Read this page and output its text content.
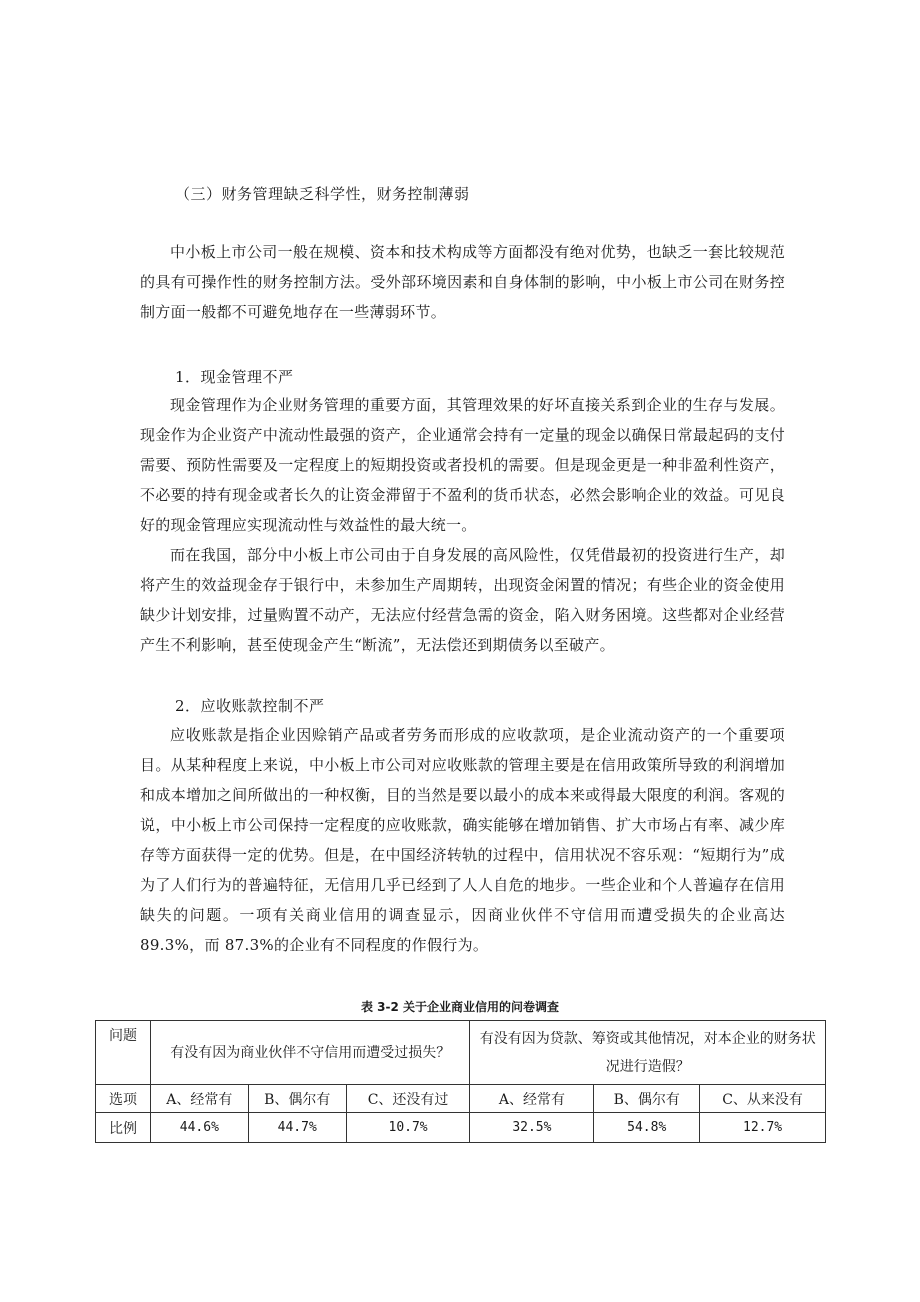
（三）财务管理缺乏科学性，财务控制薄弱

中小板上市公司一般在规模、资本和技术构成等方面都没有绝对优势，也缺乏一套比较规范的具有可操作性的财务控制方法。受外部环境因素和自身体制的影响，中小板上市公司在财务控制方面一般都不可避免地存在一些薄弱环节。

1．现金管理不严

现金管理作为企业财务管理的重要方面，其管理效果的好坏直接关系到企业的生存与发展。现金作为企业资产中流动性最强的资产，企业通常会持有一定量的现金以确保日常最起码的支付需要、预防性需要及一定程度上的短期投资或者投机的需要。但是现金更是一种非盈利性资产，不必要的持有现金或者长久的让资金滞留于不盈利的货币状态，必然会影响企业的效益。可见良好的现金管理应实现流动性与效益性的最大统一。

而在我国，部分中小板上市公司由于自身发展的高风险性，仅凭借最初的投资进行生产，却将产生的效益现金存于银行中，未参加生产周期转，出现资金闲置的情况；有些企业的资金使用缺少计划安排，过量购置不动产，无法应付经营急需的资金，陷入财务困境。这些都对企业经营产生不利影响，甚至使现金产生“断流”，无法偿还到期债务以至破产。

2．应收账款控制不严

应收账款是指企业因赊销产品或者劳务而形成的应收款项，是企业流动资产的一个重要项目。从某种程度上来说，中小板上市公司对应收账款的管理主要是在信用政策所导致的利润增加和成本增加之间所做出的一种权衡，目的当然是要以最小的成本来或得最大限度的利润。客观的说，中小板上市公司保持一定程度的应收账款，确实能够在增加销售、扩大市场占有率、减少库存等方面获得一定的优势。但是，在中国经济转轨的过程中，信用状况不容乐观：“短期行为”成为了人们行为的普遍特征，无信用几乎已经到了人人自危的地步。一些企业和个人普遍存在信用缺失的问题。一项有关商业信用的调查显示，因商业伙伴不守信用而遭受损失的企业高达 89.3%，而 87.3%的企业有不同程度的作假行为。

表 3-2 关于企业商业信用的问卷调查
问题	有没有因为商业伙伴不守信用而遭受过损失？			有没有因为贷款、筹资或其他情况，对本企业的财务状况进行造假？		
选项	A、经常有	B、偶尔有	C、还没有过	A、经常有	B、偶尔有	C、从来没有
比例	44.6%	44.7%	10.7%	32.5%	54.8%	12.7%
